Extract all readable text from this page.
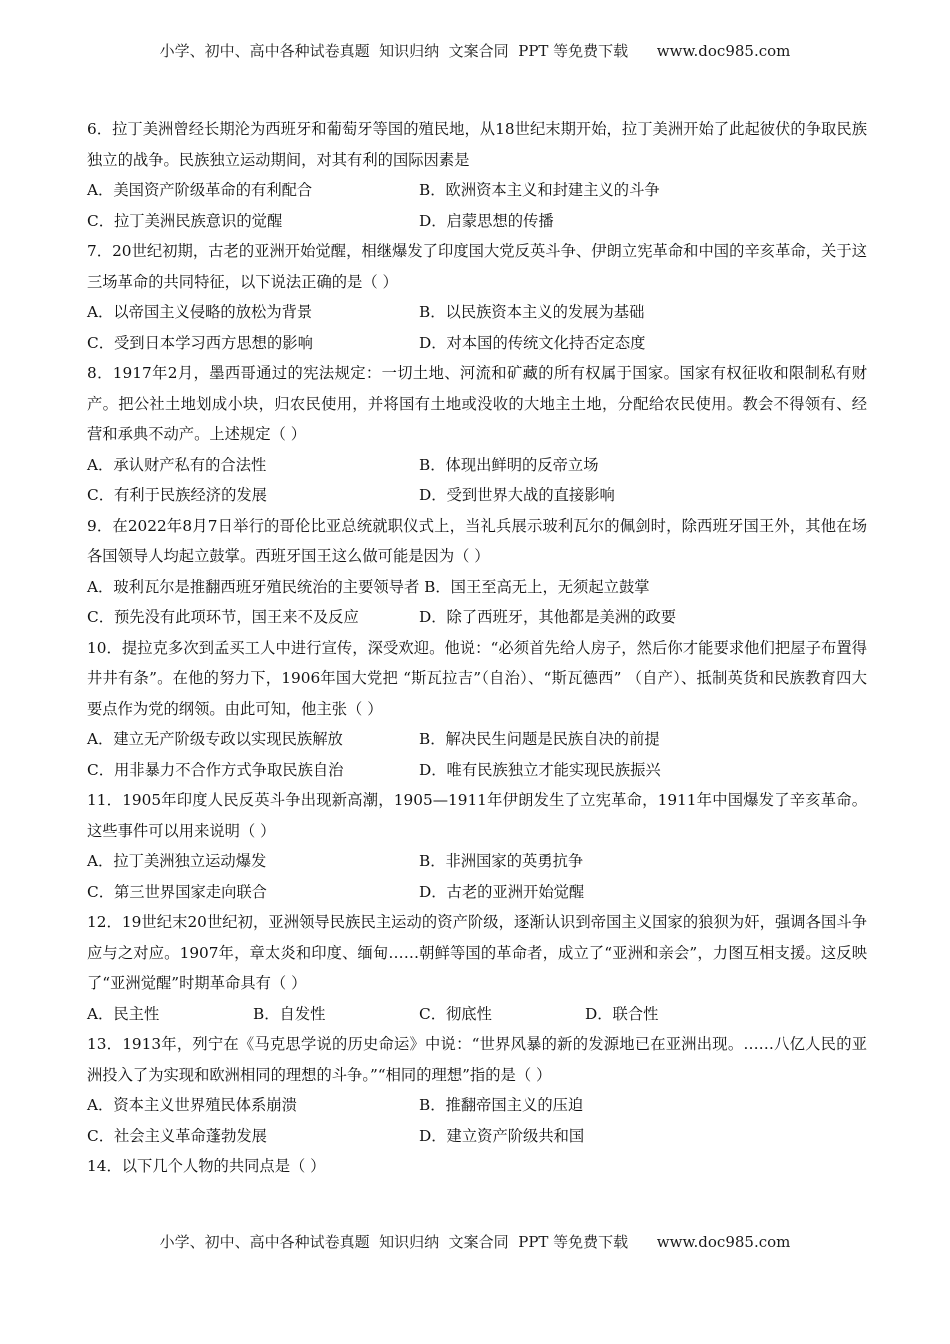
小学、初中、高中各种试卷真题  知识归纳  文案合同  PPT 等免费下载 www.doc985.com

6．拉丁美洲曾经长期沦为西班牙和葡萄牙等国的殖民地，从18世纪末期开始，拉丁美洲开始了此起彼伏的争取民族独立的战争。民族独立运动期间，对其有利的国际因素是

A．美国资产阶级革命的有利配合	B．欧洲资本主义和封建主义的斗争
C．拉丁美洲民族意识的觉醒	D．启蒙思想的传播

7．20世纪初期，古老的亚洲开始觉醒，相继爆发了印度国大党反英斗争、伊朗立宪革命和中国的辛亥革命，关于这三场革命的共同特征，以下说法正确的是（ ）

A．以帝国主义侵略的放松为背景	B．以民族资本主义的发展为基础
C．受到日本学习西方思想的影响	D．对本国的传统文化持否定态度

8．1917年2月，墨西哥通过的宪法规定：一切土地、河流和矿藏的所有权属于国家。国家有权征收和限制私有财产。把公社土地划成小块，归农民使用，并将国有土地或没收的大地主土地，分配给农民使用。教会不得领有、经营和承典不动产。上述规定（ ）

A．承认财产私有的合法性	B．体现出鲜明的反帝立场
C．有利于民族经济的发展	D．受到世界大战的直接影响

9．在2022年8月7日举行的哥伦比亚总统就职仪式上，当礼兵展示玻利瓦尔的佩剑时，除西班牙国王外，其他在场各国领导人均起立鼓掌。西班牙国王这么做可能是因为（ ）

A．玻利瓦尔是推翻西班牙殖民统治的主要领导者 B．国王至高无上，无须起立鼓掌
C．预先没有此项环节，国王来不及反应	D．除了西班牙，其他都是美洲的政要

10．提拉克多次到孟买工人中进行宣传，深受欢迎。他说：“必须首先给人房子，然后你才能要求他们把屋子布置得井井有条”。在他的努力下，1906年国大党把 “斯瓦拉吉”（自治）、“斯瓦德西” （自产）、抵制英货和民族教育四大要点作为党的纲领。由此可知，他主张（ ）

A．建立无产阶级专政以实现民族解放	B．解决民生问题是民族自决的前提
C．用非暴力不合作方式争取民族自治	D．唯有民族独立才能实现民族振兴

11．1905年印度人民反英斗争出现新高潮，1905—1911年伊朗发生了立宪革命，1911年中国爆发了辛亥革命。这些事件可以用来说明（ ）

A．拉丁美洲独立运动爆发	B．非洲国家的英勇抗争
C．第三世界国家走向联合	D．古老的亚洲开始觉醒

12．19世纪末20世纪初，亚洲领导民族民主运动的资产阶级，逐渐认识到帝国主义国家的狼狈为奸，强调各国斗争应与之对应。1907年，章太炎和印度、缅甸……朝鲜等国的革命者，成立了“亚洲和亲会”，力图互相支援。这反映了“亚洲觉醒”时期革命具有（ ）

A．民主性	B．自发性	C．彻底性	D．联合性

13．1913年，列宁在《马克思学说的历史命运》中说：“世界风暴的新的发源地已在亚洲出现。……八亿人民的亚洲投入了为实现和欧洲相同的理想的斗争。”“相同的理想”指的是（ ）

A．资本主义世界殖民体系崩溃	B．推翻帝国主义的压迫
C．社会主义革命蓬勃发展	D．建立资产阶级共和国

14．以下几个人物的共同点是（ ）

小学、初中、高中各种试卷真题  知识归纳  文案合同  PPT 等免费下载 www.doc985.com
